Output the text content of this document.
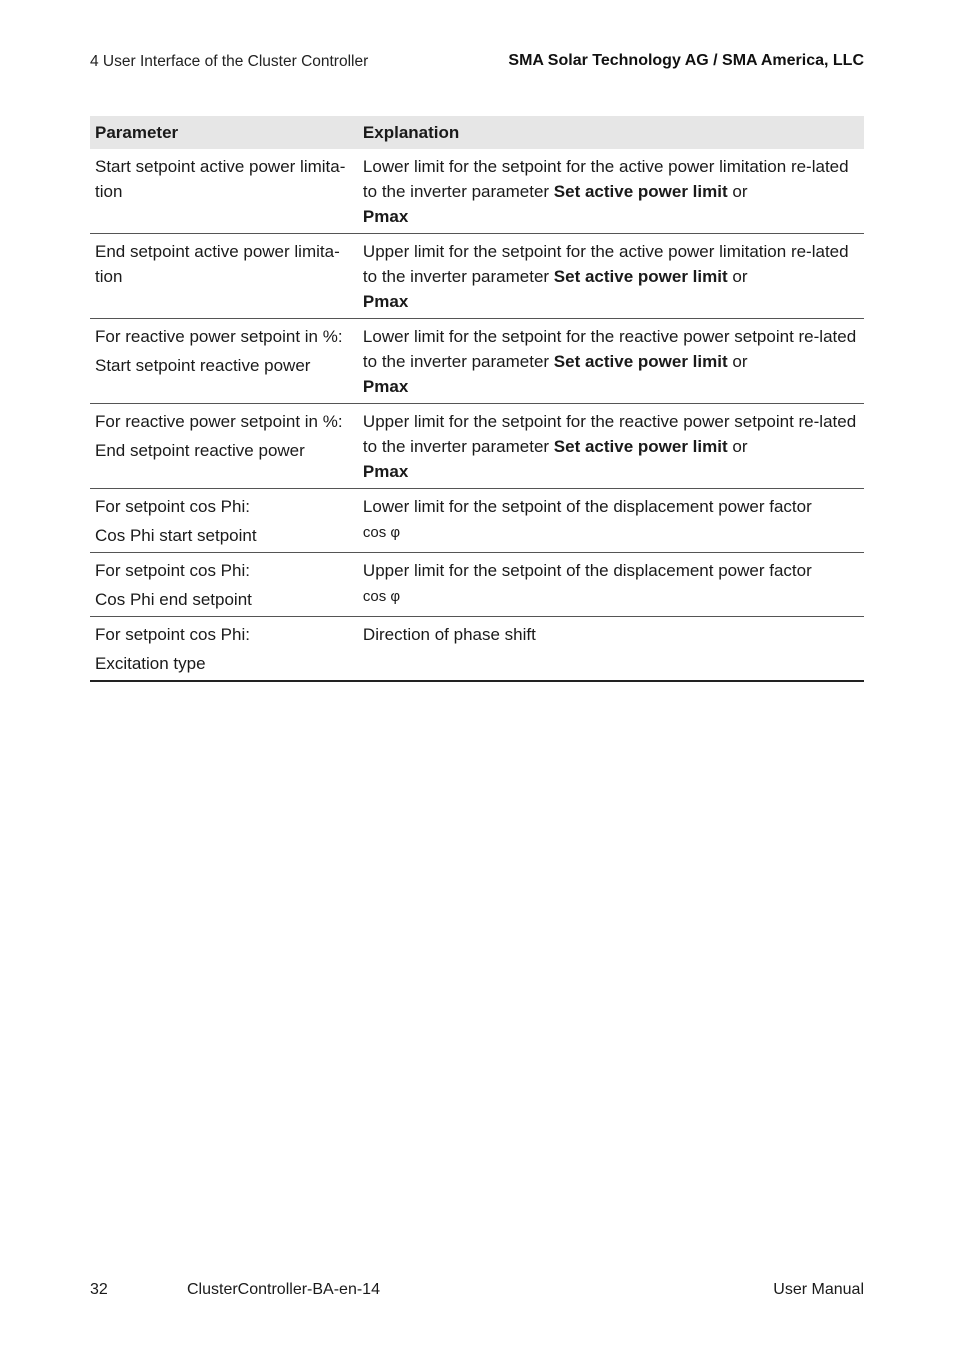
4 User Interface of the Cluster Controller	SMA Solar Technology AG / SMA America, LLC
Parameter	Explanation

Start setpoint active power limita-tion	Lower limit for the setpoint for the active power limitation re-lated to the inverter parameter Set active power limit or
Pmax

End setpoint active power limita-tion	Upper limit for the setpoint for the active power limitation re-lated to the inverter parameter Set active power limit or
Pmax

For reactive power setpoint in %:
Start setpoint reactive power	Lower limit for the setpoint for the reactive power setpoint re-lated to the inverter parameter Set active power limit or
Pmax

For reactive power setpoint in %:
End setpoint reactive power	Upper limit for the setpoint for the reactive power setpoint re-lated to the inverter parameter Set active power limit or
Pmax

For setpoint cos Phi:
Cos Phi start setpoint	Lower limit for the setpoint of the displacement power factor
cos φ

For setpoint cos Phi:
Cos Phi end setpoint	Upper limit for the setpoint of the displacement power factor
cos φ

For setpoint cos Phi:
Excitation type	Direction of phase shift
32	ClusterController-BA-en-14	User Manual
